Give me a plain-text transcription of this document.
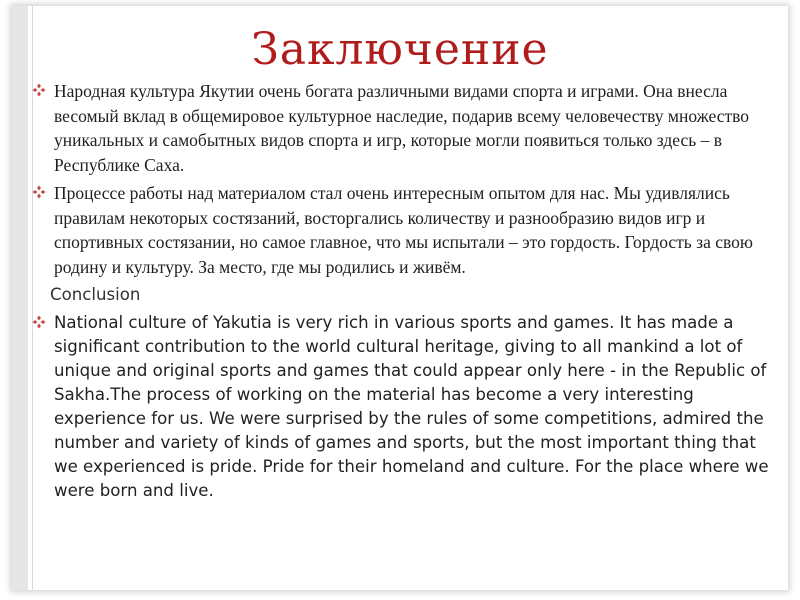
Заключение
Народная культура Якутии очень богата различными видами спорта и играми. Она внесла весомый вклад в общемировое культурное наследие, подарив всему человечеству множество уникальных и самобытных видов спорта и игр, которые могли появиться только здесь – в Республике Саха.
Процессе работы над материалом стал очень интересным опытом для нас. Мы удивлялись правилам некоторых состязаний, восторгались количеству и разнообразию видов игр и спортивных состязании, но самое главное, что мы испытали – это гордость. Гордость за свою родину и культуру. За место, где мы родились и живём.
Conclusion
National culture of Yakutia is very rich in various sports and games. It has made a significant contribution to the world cultural heritage, giving to all mankind a lot of unique and original sports and games that could appear only here - in the Republic of Sakha.The process of working on the material has become a very interesting experience for us. We were surprised by the rules of some competitions, admired the number and variety of kinds of games and sports, but the most important thing that we experienced is pride. Pride for their homeland and culture. For the place where we were born and live.
